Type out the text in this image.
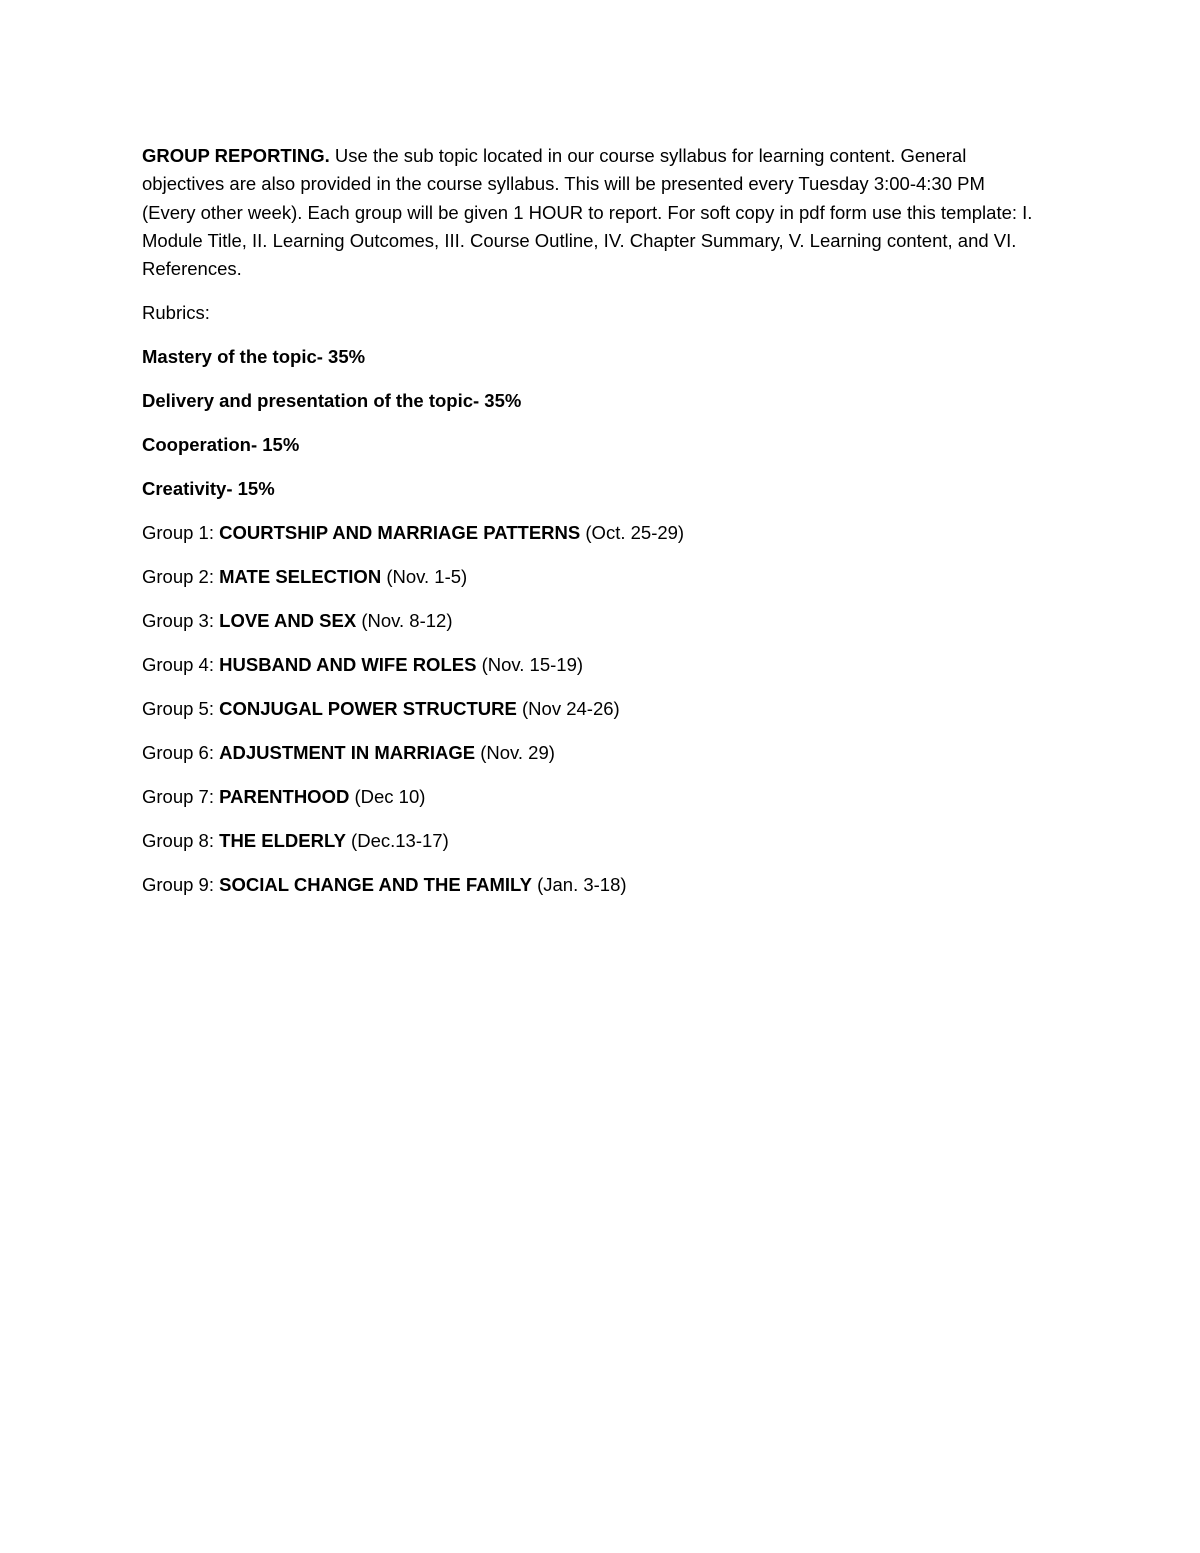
GROUP REPORTING. Use the sub topic located in our course syllabus for learning content. General objectives are also provided in the course syllabus. This will be presented every Tuesday 3:00-4:30 PM (Every other week). Each group will be given 1 HOUR to report. For soft copy in pdf form use this template: I. Module Title, II. Learning Outcomes, III. Course Outline, IV. Chapter Summary, V. Learning content, and VI. References.

Rubrics:

Mastery of the topic- 35%

Delivery and presentation of the topic- 35%

Cooperation- 15%

Creativity- 15%

Group 1: COURTSHIP AND MARRIAGE PATTERNS (Oct. 25-29)

Group 2: MATE SELECTION (Nov. 1-5)

Group 3: LOVE AND SEX (Nov. 8-12)

Group 4: HUSBAND AND WIFE ROLES (Nov. 15-19)

Group 5: CONJUGAL POWER STRUCTURE (Nov 24-26)

Group 6: ADJUSTMENT IN MARRIAGE (Nov. 29)

Group 7: PARENTHOOD (Dec 10)

Group 8: THE ELDERLY (Dec.13-17)

Group 9: SOCIAL CHANGE AND THE FAMILY (Jan. 3-18)
